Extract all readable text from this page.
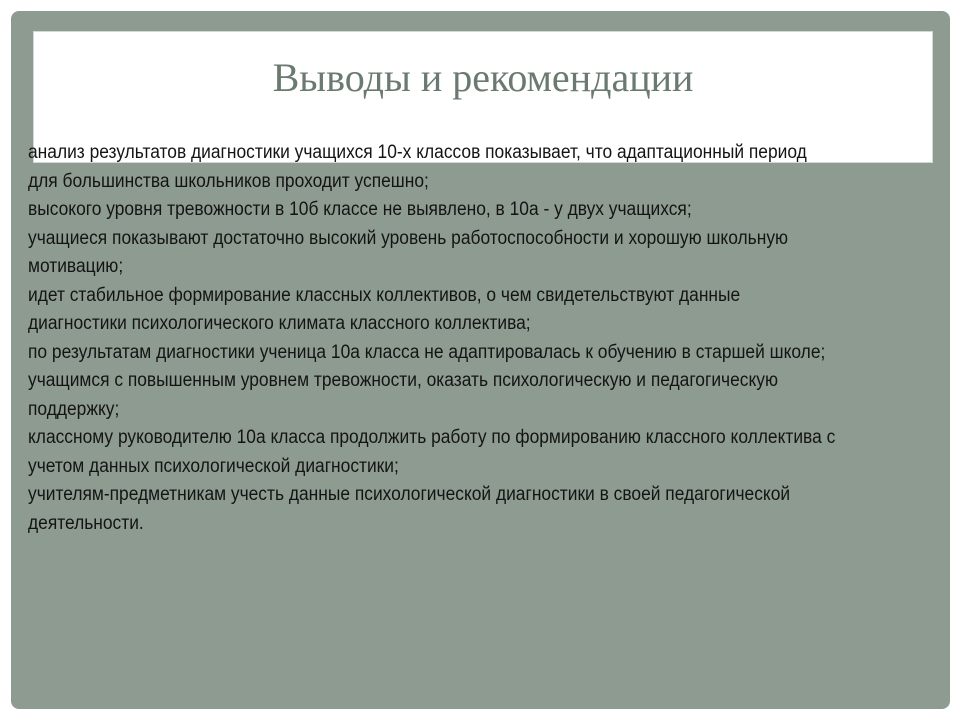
Выводы и рекомендации
анализ результатов диагностики учащихся 10-х классов показывает, что адаптационный период
для большинства школьников проходит успешно;
высокого уровня тревожности в 10б классе не выявлено, в 10а - у двух учащихся;
учащиеся показывают достаточно высокий уровень работоспособности и хорошую школьную
мотивацию;
идет стабильное формирование классных коллективов, о чем свидетельствуют данные
диагностики психологического климата классного коллектива;
по результатам диагностики ученица 10а класса не адаптировалась к обучению в старшей школе;
учащимся с повышенным уровнем тревожности, оказать психологическую и педагогическую
поддержку;
классному руководителю 10а класса продолжить работу по формированию классного коллектива с
учетом данных психологической диагностики;
учителям-предметникам учесть данные психологической диагностики в своей педагогической
деятельности.
